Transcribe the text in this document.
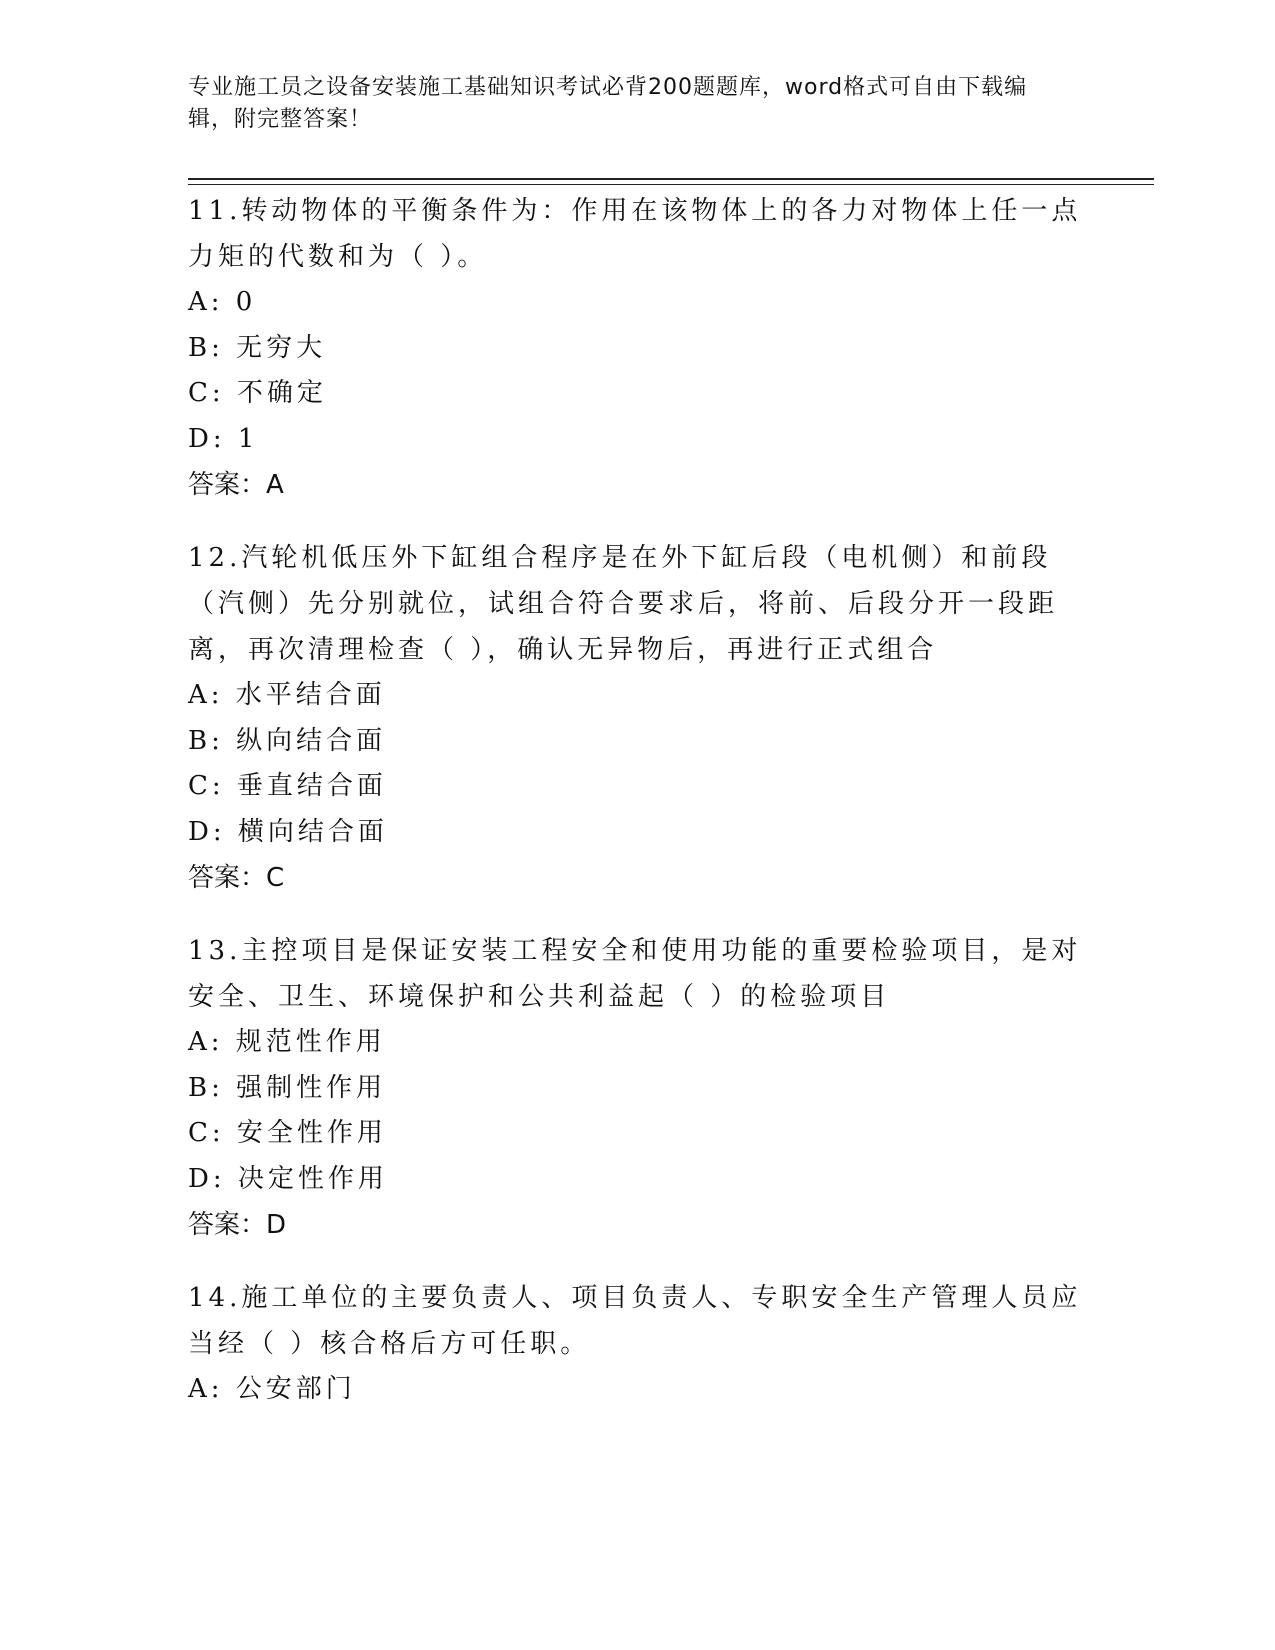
专业施工员之设备安装施工基础知识考试必背200题题库，word格式可自由下载编辑，附完整答案！
11.转动物体的平衡条件为：作用在该物体上的各力对物体上任一点力矩的代数和为（ ）。
A: 0
B: 无穷大
C: 不确定
D: 1
答案：A
12.汽轮机低压外下缸组合程序是在外下缸后段（电机侧）和前段（汽侧）先分别就位，试组合符合要求后，将前、后段分开一段距离，再次清理检查（ ），确认无异物后，再进行正式组合
A: 水平结合面
B: 纵向结合面
C: 垂直结合面
D: 横向结合面
答案：C
13.主控项目是保证安装工程安全和使用功能的重要检验项目，是对安全、卫生、环境保护和公共利益起（ ）的检验项目
A: 规范性作用
B: 强制性作用
C: 安全性作用
D: 决定性作用
答案：D
14.施工单位的主要负责人、项目负责人、专职安全生产管理人员应当经（ ）核合格后方可任职。
A: 公安部门
